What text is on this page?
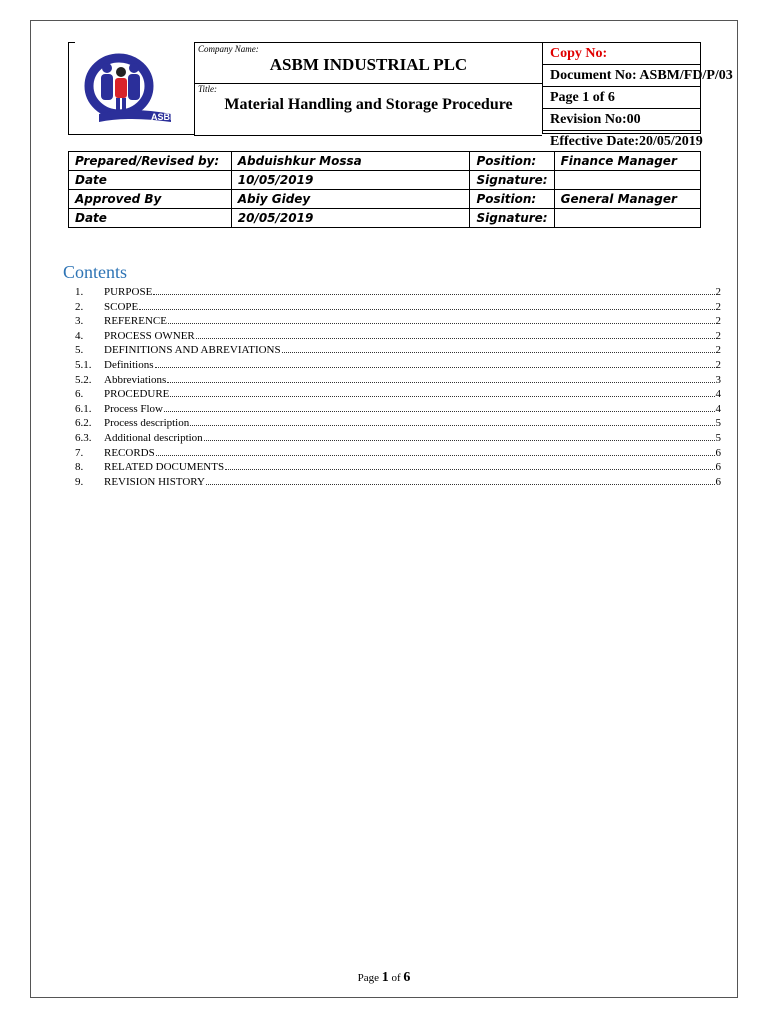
ASBM
Company Name:
ASBM INDUSTRIAL PLC
Title:
Material Handling and Storage Procedure
Copy No:
Document No: ASBM/FD/P/03
Page 1 of 6
Revision No:00
Effective Date:20/05/2019
Prepared/Revised by:	Abduishkur Mossa	Position:	Finance Manager
Date	10/05/2019	Signature:	
Approved By	Abiy Gidey	Position:	General Manager
Date	20/05/2019	Signature:	
Contents
1.	PURPOSE	2
2.	SCOPE	2
3.	REFERENCE	2
4.	PROCESS OWNER	2
5.	DEFINITIONS AND ABREVIATIONS	2
5.1.	Definitions	2
5.2.	Abbreviations	3
6.	PROCEDURE	4
6.1.	Process Flow	4
6.2.	Process description	5
6.3.	Additional description	5
7.	RECORDS	6
8.	RELATED DOCUMENTS	6
9.	REVISION HISTORY	6
Page 1 of 6
